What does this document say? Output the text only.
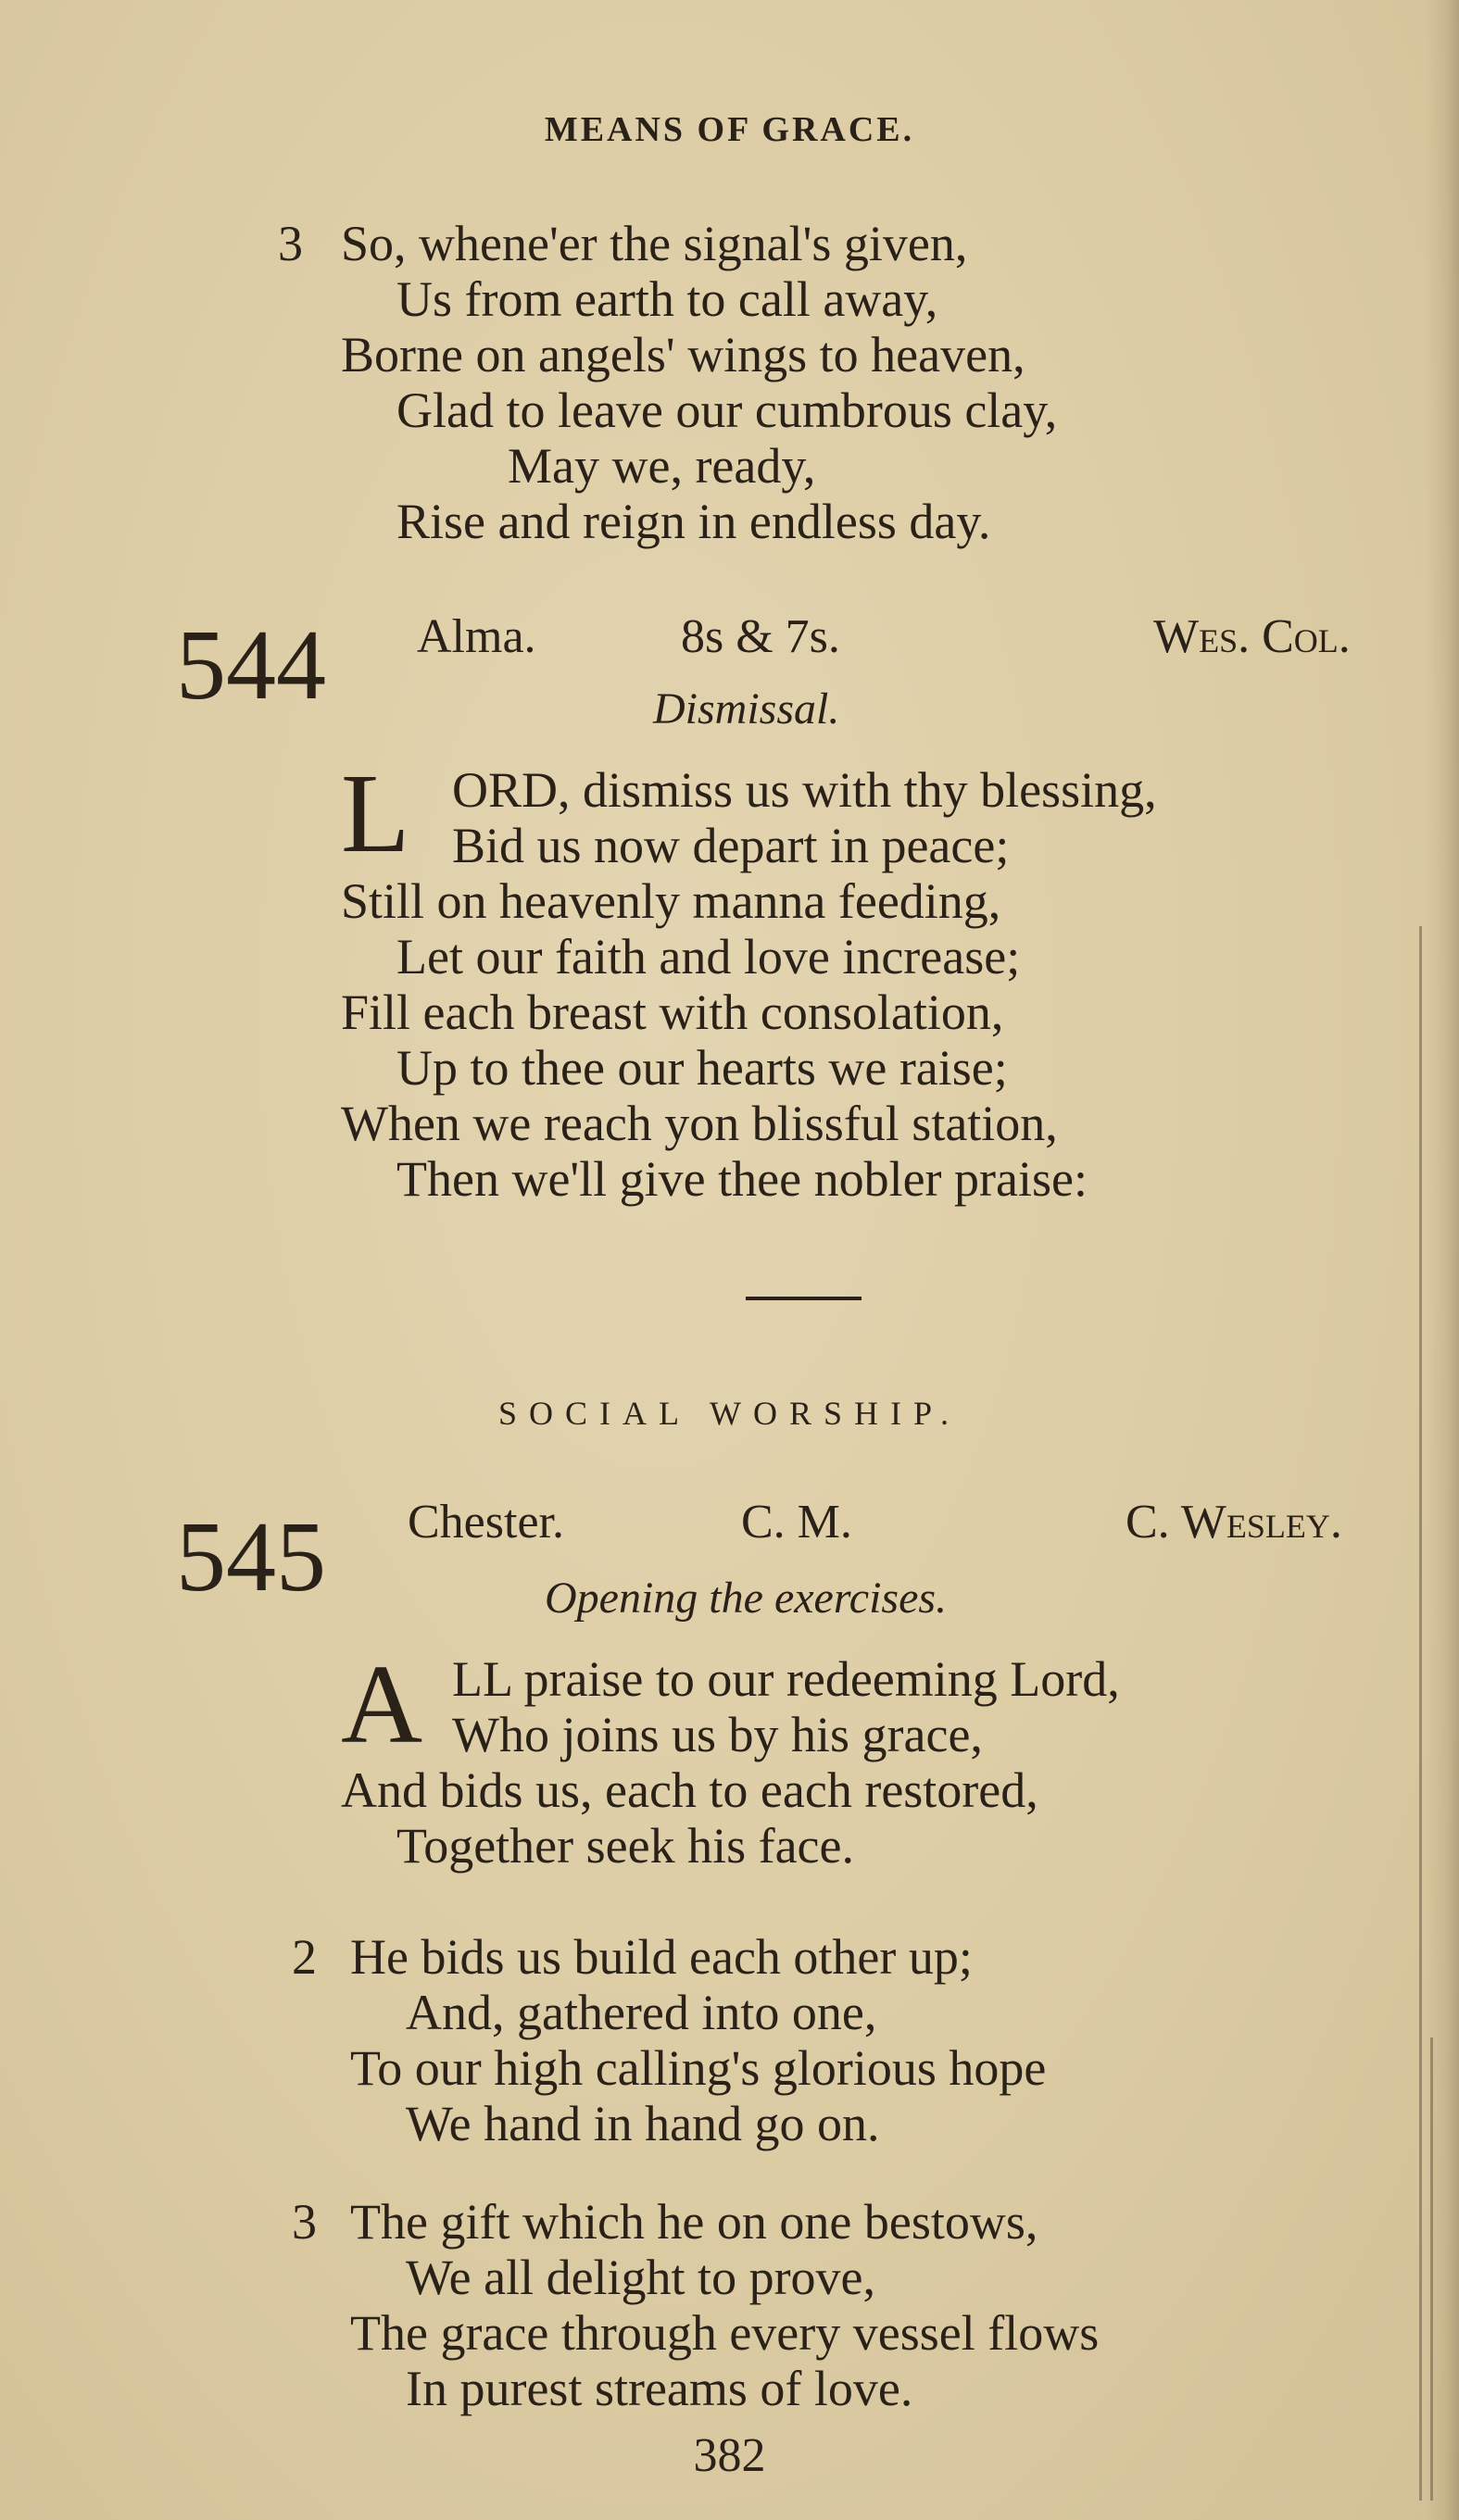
MEANS OF GRACE.
3 So, whene'er the signal's given,
Us from earth to call away,
Borne on angels' wings to heaven,
Glad to leave our cumbrous clay,
May we, ready,
Rise and reign in endless day.
544 Alma.	8s & 7s.	Wes. Col.
Dismissal.
L ORD, dismiss us with thy blessing,
Bid us now depart in peace;
Still on heavenly manna feeding,
Let our faith and love increase;
Fill each breast with consolation,
Up to thee our hearts we raise;
When we reach yon blissful station,
Then we'll give thee nobler praise:
SOCIAL WORSHIP.
545 Chester.	C. M.	C. Wesley.
Opening the exercises.
A LL praise to our redeeming Lord,
Who joins us by his grace,
And bids us, each to each restored,
Together seek his face.
2 He bids us build each other up;
And, gathered into one,
To our high calling's glorious hope
We hand in hand go on.
3 The gift which he on one bestows,
We all delight to prove,
The grace through every vessel flows
In purest streams of love.
382
